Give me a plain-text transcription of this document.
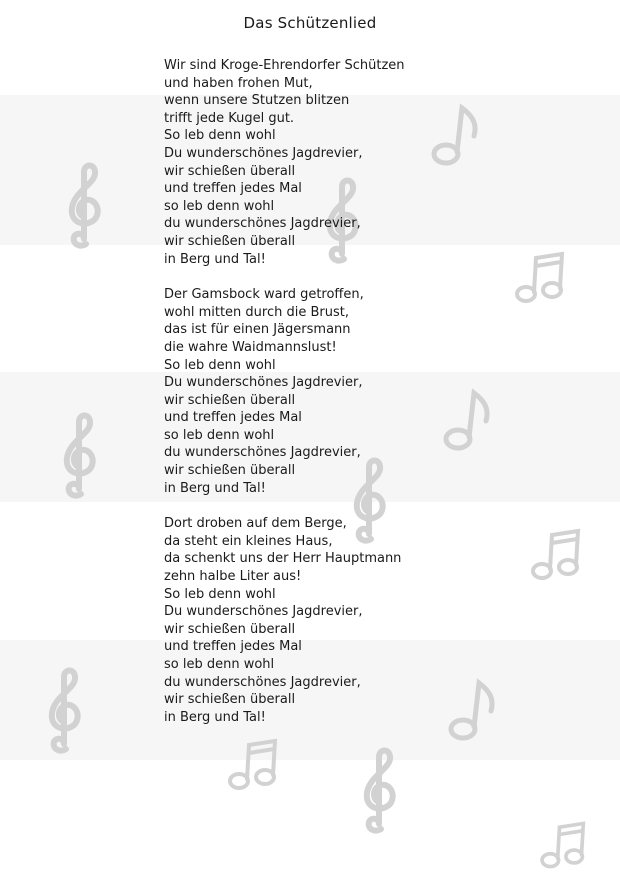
Das Schützenlied
Wir sind Kroge-Ehrendorfer Schützen
und haben frohen Mut,
wenn unsere Stutzen blitzen
trifft jede Kugel gut.
So leb denn wohl
Du wunderschönes Jagdrevier,
wir schießen überall
und treffen jedes Mal
so leb denn wohl
du wunderschönes Jagdrevier,
wir schießen überall
in Berg und Tal!
Der Gamsbock ward getroffen,
wohl mitten durch die Brust,
das ist für einen Jägersmann
die wahre Waidmannslust!
So leb denn wohl
Du wunderschönes Jagdrevier,
wir schießen überall
und treffen jedes Mal
so leb denn wohl
du wunderschönes Jagdrevier,
wir schießen überall
in Berg und Tal!
Dort droben auf dem Berge,
da steht ein kleines Haus,
da schenkt uns der Herr Hauptmann
zehn halbe Liter aus!
So leb denn wohl
Du wunderschönes Jagdrevier,
wir schießen überall
und treffen jedes Mal
so leb denn wohl
du wunderschönes Jagdrevier,
wir schießen überall
in Berg und Tal!
